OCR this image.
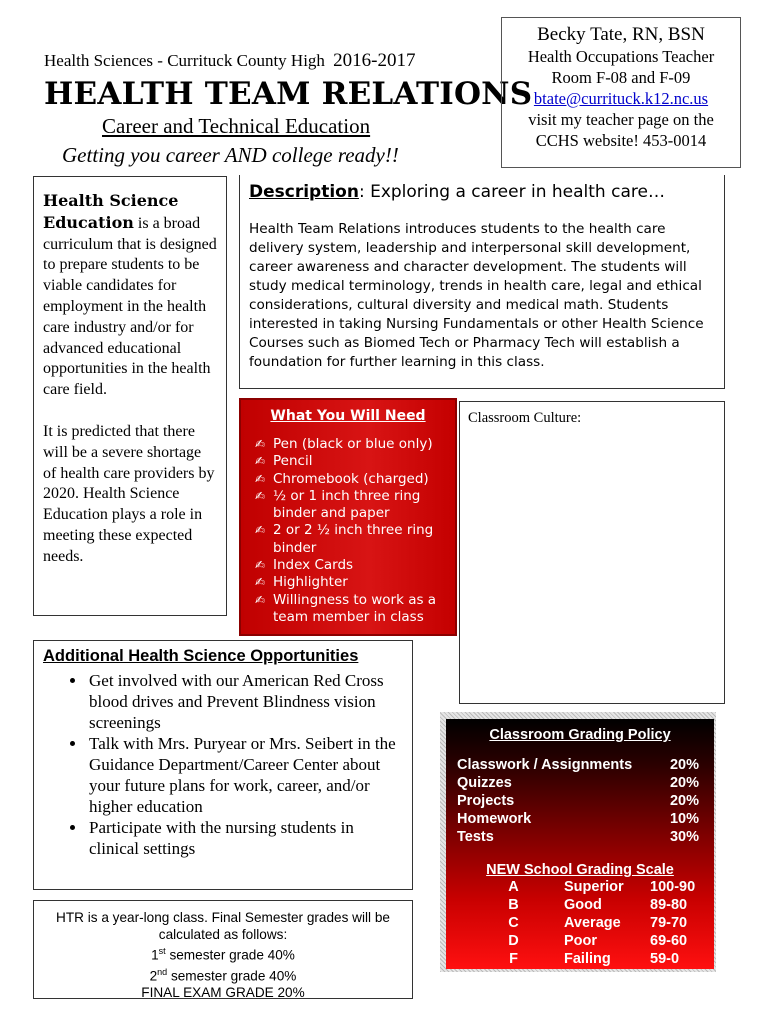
Health Sciences - Currituck County High 2016-2017
HEALTH TEAM RELATIONS
Career and Technical Education
Getting you career AND college ready!!
Becky Tate, RN, BSN
Health Occupations Teacher
Room F-08 and F-09
btate@currituck.k12.nc.us
visit my teacher page on the
CCHS website! 453-0014

Health Science Education is a broad curriculum that is designed to prepare students to be viable candidates for employment in the health care industry and/or for advanced educational opportunities in the health care field.

It is predicted that there will be a severe shortage of health care providers by 2020. Health Science Education plays a role in meeting these expected needs.

Description: Exploring a career in health care…
Health Team Relations introduces students to the health care delivery system, leadership and interpersonal skill development, career awareness and character development. The students will study medical terminology, trends in health care, legal and ethical considerations, cultural diversity and medical math. Students interested in taking Nursing Fundamentals or other Health Science Courses such as Biomed Tech or Pharmacy Tech will establish a foundation for further learning in this class.
What You Will Need
✍ Pen (black or blue only)
✍ Pencil
✍ Chromebook (charged)
✍ ½ or 1 inch three ring binder and paper
✍ 2 or 2 ½ inch three ring binder
✍ Index Cards
✍ Highlighter
✍ Willingness to work as a team member in class
Classroom Culture:
Additional Health Science Opportunities
• Get involved with our American Red Cross blood drives and Prevent Blindness vision screenings
• Talk with Mrs. Puryear or Mrs. Seibert in the Guidance Department/Career Center about your future plans for work, career, and/or higher education
• Participate with the nursing students in clinical settings
HTR is a year-long class. Final Semester grades will be calculated as follows:
1st semester grade 40%
2nd semester grade 40%
FINAL EXAM GRADE 20%
Classroom Grading Policy
Classwork / Assignments	20%
Quizzes	20%
Projects	20%
Homework	10%
Tests	30%
NEW School Grading Scale
A	Superior	100-90
B	Good	89-80
C	Average	79-70
D	Poor	69-60
F	Failing	59-0
